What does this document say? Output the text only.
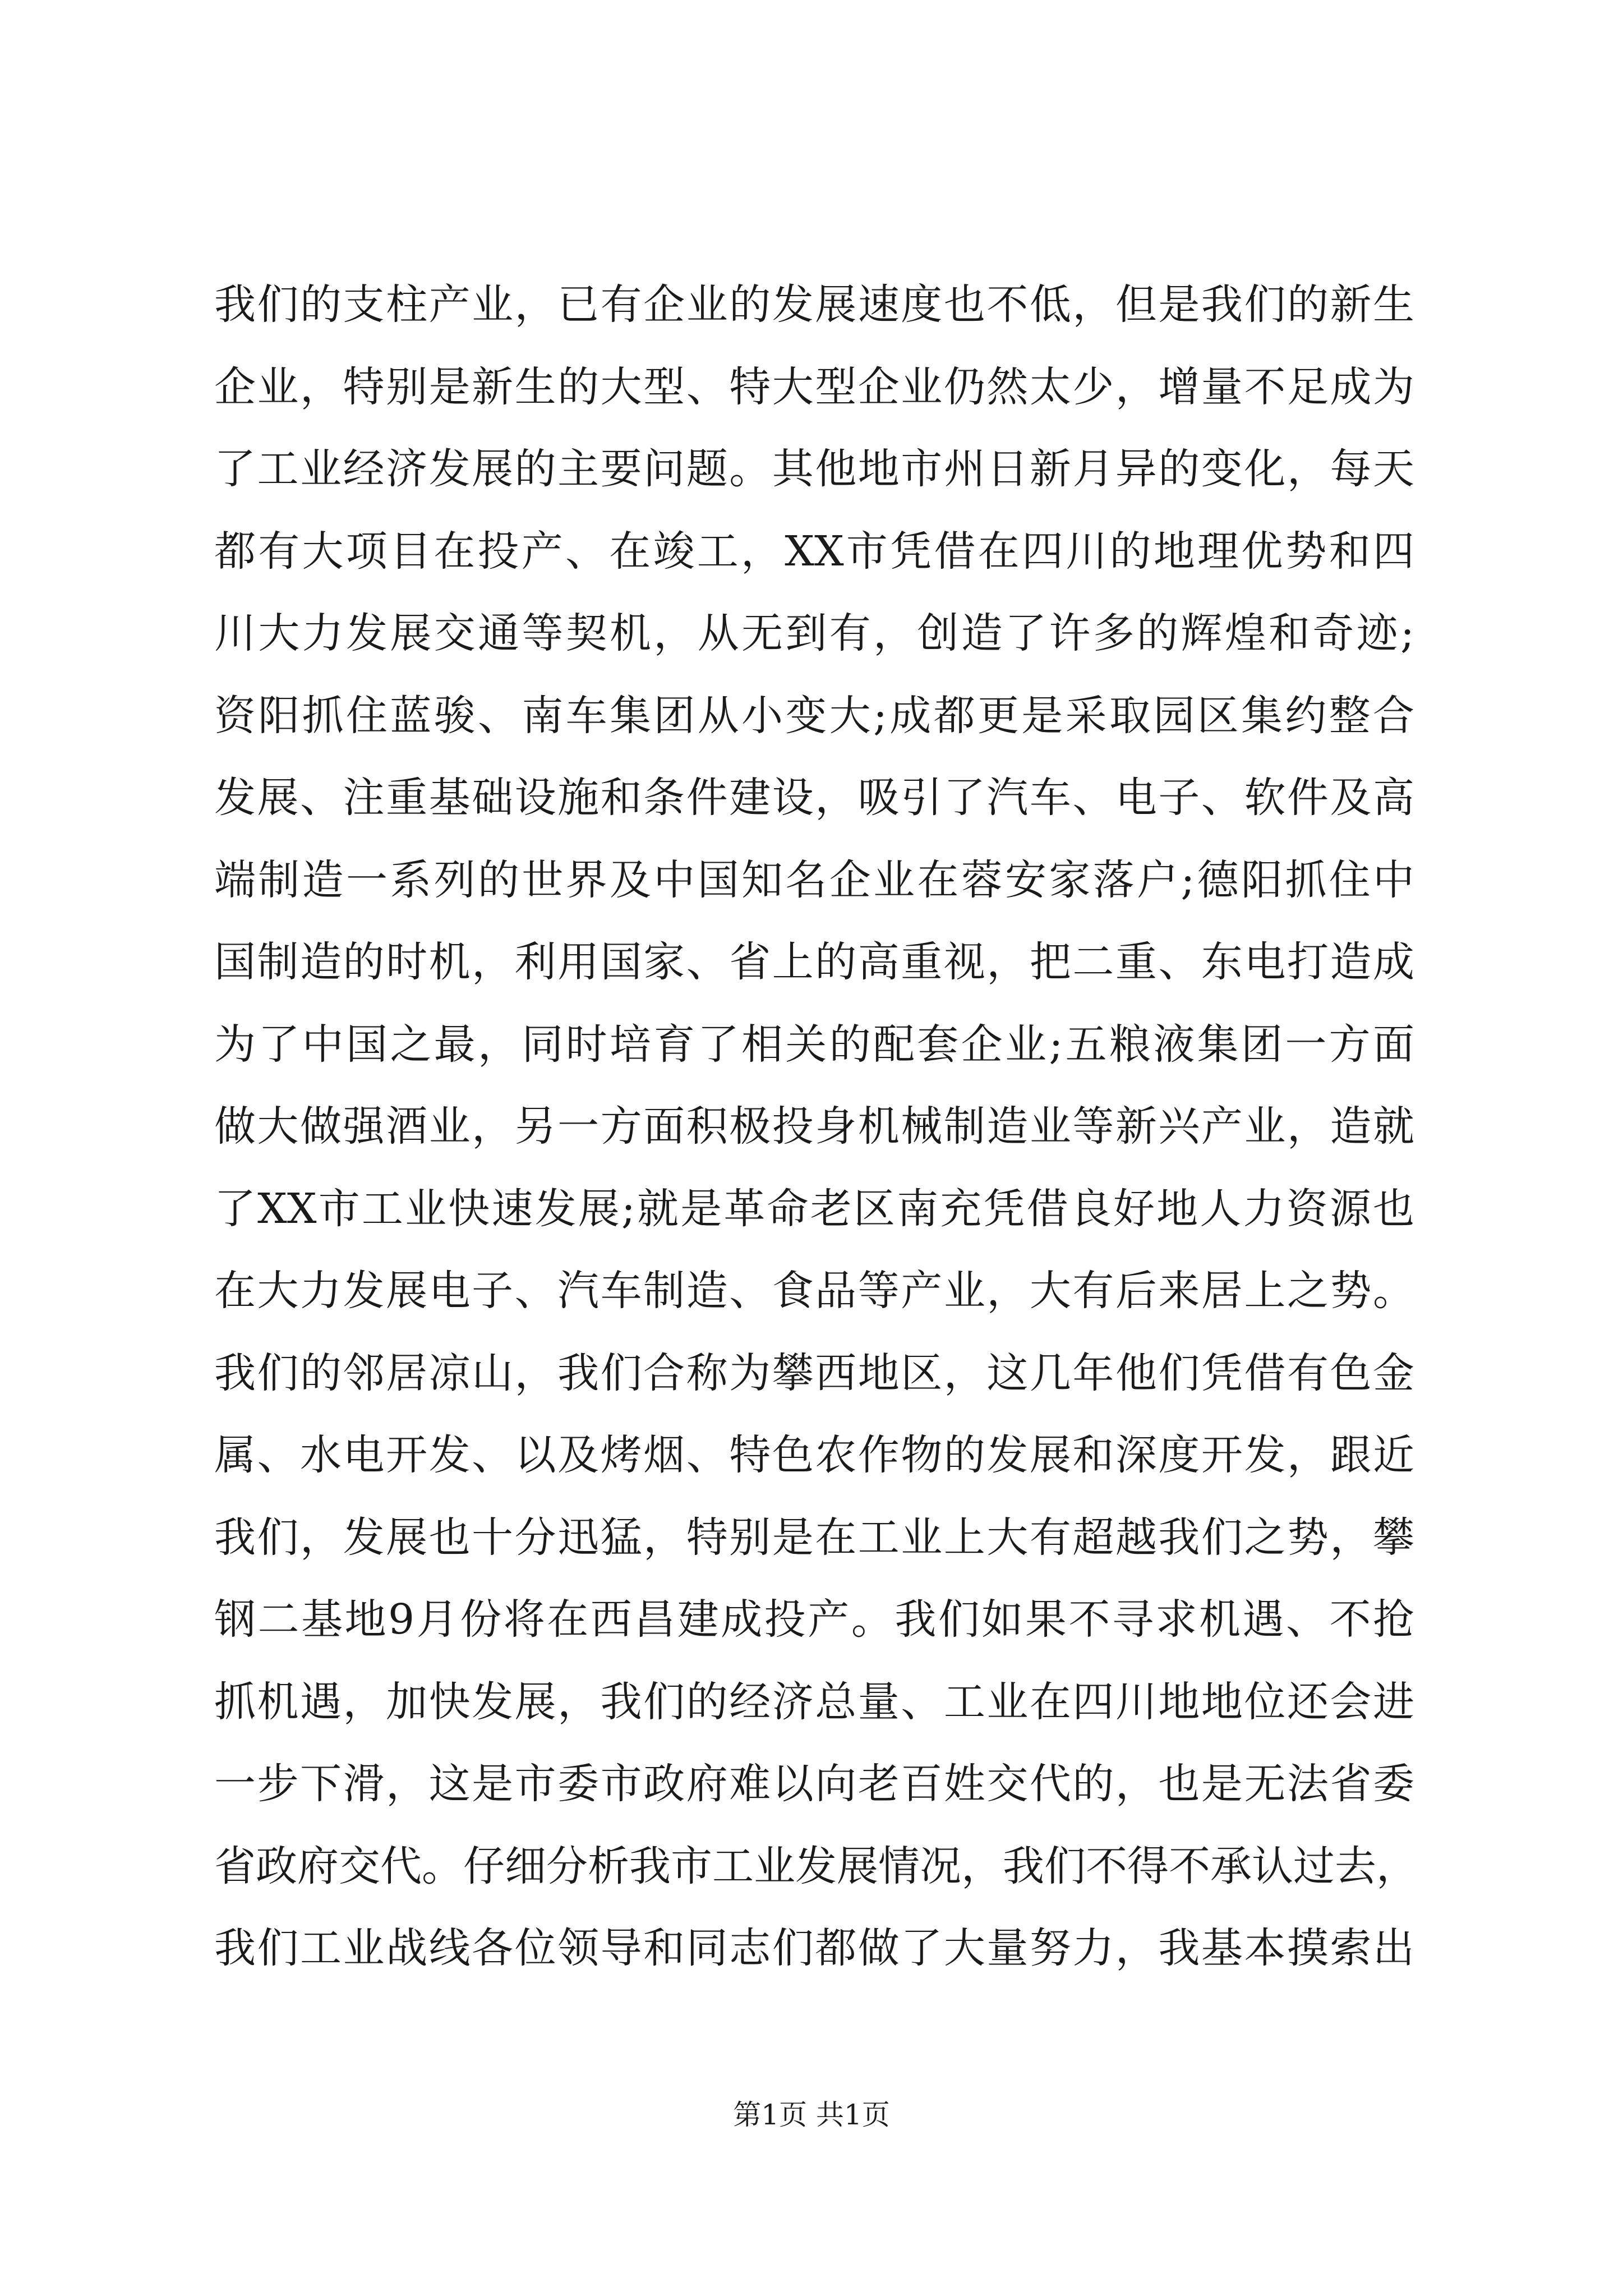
我们的支柱产业，已有企业的发展速度也不低，但是我们的新生
企业，特别是新生的大型、特大型企业仍然太少，增量不足成为
了工业经济发展的主要问题。其他地市州日新月异的变化，每天
都有大项目在投产、在竣工，XX市凭借在四川的地理优势和四
川大力发展交通等契机，从无到有，创造了许多的辉煌和奇迹;
资阳抓住蓝骏、南车集团从小变大;成都更是采取园区集约整合
发展、注重基础设施和条件建设，吸引了汽车、电子、软件及高
端制造一系列的世界及中国知名企业在蓉安家落户;德阳抓住中
国制造的时机，利用国家、省上的高重视，把二重、东电打造成
为了中国之最，同时培育了相关的配套企业;五粮液集团一方面
做大做强酒业，另一方面积极投身机械制造业等新兴产业，造就
了XX市工业快速发展;就是革命老区南充凭借良好地人力资源也
在大力发展电子、汽车制造、食品等产业，大有后来居上之势。
我们的邻居凉山，我们合称为攀西地区，这几年他们凭借有色金
属、水电开发、以及烤烟、特色农作物的发展和深度开发，跟近
我们，发展也十分迅猛，特别是在工业上大有超越我们之势，攀
钢二基地9月份将在西昌建成投产。我们如果不寻求机遇、不抢
抓机遇，加快发展，我们的经济总量、工业在四川地地位还会进
一步下滑，这是市委市政府难以向老百姓交代的，也是无法省委
省政府交代。仔细分析我市工业发展情况，我们不得不承认过去，
我们工业战线各位领导和同志们都做了大量努力，我基本摸索出
第1页 共1页
